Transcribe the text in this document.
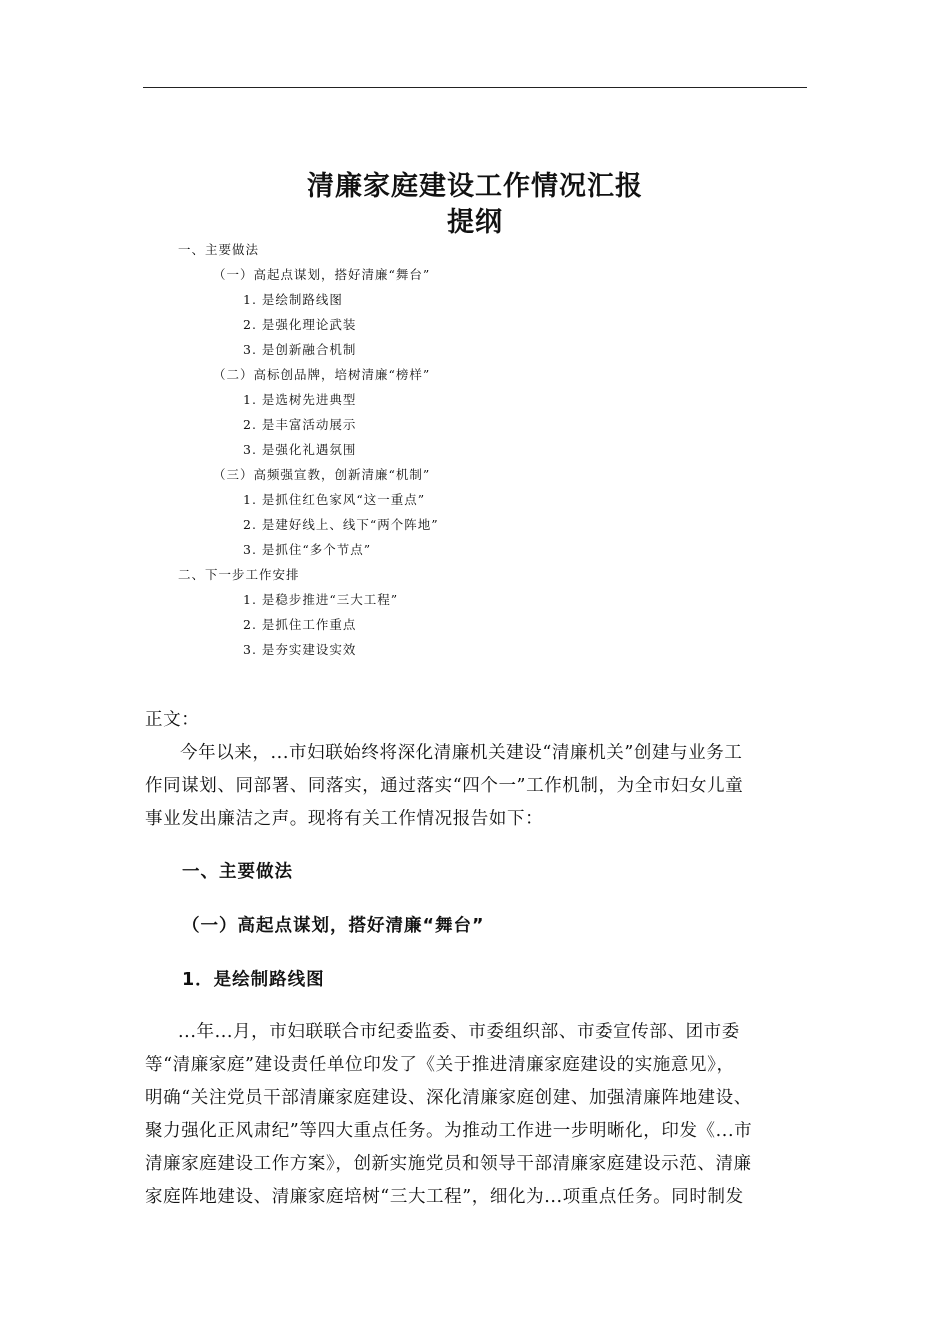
清廉家庭建设工作情况汇报
提纲
一、主要做法
（一）高起点谋划，搭好清廉“舞台”
1. 是绘制路线图
2. 是强化理论武装
3. 是创新融合机制
（二）高标创品牌，培树清廉“榜样”
1. 是选树先进典型
2. 是丰富活动展示
3. 是强化礼遇氛围
（三）高频强宣教，创新清廉“机制”
1. 是抓住红色家风“这一重点”
2. 是建好线上、线下“两个阵地”
3. 是抓住“多个节点”
二、下一步工作安排
1. 是稳步推进“三大工程”
2. 是抓住工作重点
3. 是夯实建设实效
正文：
今年以来，...市妇联始终将深化清廉机关建设“清廉机关”创建与业务工
作同谋划、同部署、同落实，通过落实“四个一”工作机制，为全市妇女儿童
事业发出廉洁之声。现将有关工作情况报告如下：
一、主要做法
（一）高起点谋划，搭好清廉“舞台”
1．是绘制路线图
...年...月，市妇联联合市纪委监委、市委组织部、市委宣传部、团市委
等“清廉家庭”建设责任单位印发了《关于推进清廉家庭建设的实施意见》，
明确“关注党员干部清廉家庭建设、深化清廉家庭创建、加强清廉阵地建设、
聚力强化正风肃纪”等四大重点任务。为推动工作进一步明晰化，印发《...市
清廉家庭建设工作方案》，创新实施党员和领导干部清廉家庭建设示范、清廉
家庭阵地建设、清廉家庭培树“三大工程”，细化为...项重点任务。同时制发
